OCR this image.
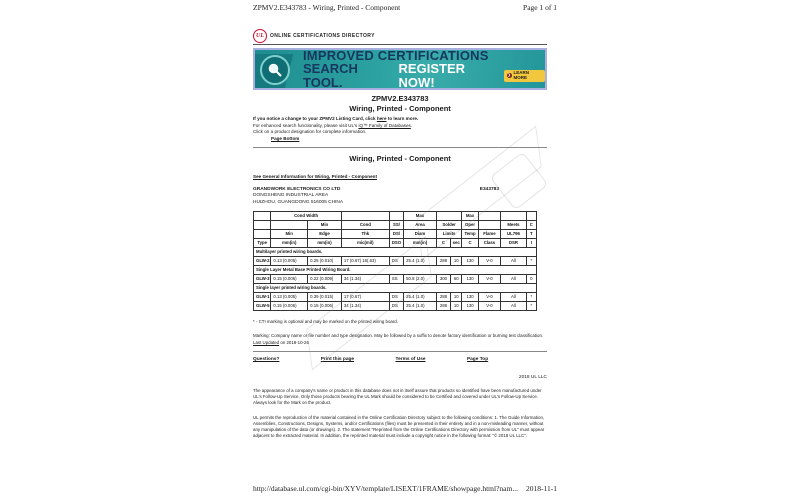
ZPMV2.E343783 - Wiring, Printed - Component	Page 1 of 1
UL ONLINE CERTIFICATIONS DIRECTORY
IMPROVED CERTIFICATIONS
SEARCH TOOL.
REGISTER NOW!	❯ LEARN MORE
ZPMV2.E343783
Wiring, Printed - Component
If you notice a change to your ZPMV2 Listing Card, click here to learn more.
For enhanced search functionality, please visit UL's iQ™ Family of Databases.
Click on a product designation for complete information.
Page Bottom
Wiring, Printed - Component
See General Information for Wiring, Printed - Component
GRANDWORK ELECTRONICS CO LTD	E343783
DONGSHENG INDUSTRIAL AREA
HUIZHOU, GUANGDONG 516005 CHINA
	Cond Width				Max			Max			
		Min	Cond	SS/	Area	Solder		Oper		Meets	C
	Min	Edge	Thk	DS/	Diam	Limits		Temp	Flame	UL796	T
Type	mm(in)	mm(in)	mic(mil)	DSO	mm(in)	C	sec	C	Class	DSR	I
Multilayer printed wiring boards.											
GLW-2	0.13 (0.005)	0.25 (0.010)	17 (0.67) 16(.63)	DS	25.4 (1.0)	288	10	130	V-0	All	*
Single Layer Metal Base Printed Wiring Board.											
GLW-3	0.15 (0.006)	0.22 (0.009)	34 (1.34)	SS	50.8 (2.0)	300	60	130	V-0	All	0
Single layer printed wiring boards.											
GLW-1	0.13 (0.005)	0.39 (0.015)	17 (0.67)	DS	25.4 (1.0)	288	10	130	V-0	All	*
GLW-5	0.15 (0.006)	0.15 (0.006)	34 (1.34)	DS	25.4 (1.0)	288	10	130	V-0	All	*
* - CTI marking is optional and may be marked on the printed wiring board.
Marking: Company name or file number and type designation. May be followed by a suffix to denote factory identification or burning test classification.
Last Updated on 2018-10-26
Questions?	Print this page	Terms of Use	Page Top
2018 UL LLC
The appearance of a company's name or product in this database does not in itself assure that products so identified have been manufactured under UL's Follow-Up Service. Only those products bearing the UL Mark should be considered to be Certified and covered under UL's Follow-Up Service. Always look for the Mark on the product.
UL permits the reproduction of the material contained in the Online Certification Directory subject to the following conditions: 1. The Guide Information, Assemblies, Constructions, Designs, Systems, and/or Certifications (files) must be presented in their entirety and in a non-misleading manner, without any manipulation of the data (or drawings). 2. The statement "Reprinted from the Online Certifications Directory with permission from UL" must appear adjacent to the extracted material. In addition, the reprinted material must include a copyright notice in the following format: "© 2018 UL LLC".
http://database.ul.com/cgi-bin/XYV/template/LISEXT/1FRAME/showpage.html?nam... 2018-11-1
